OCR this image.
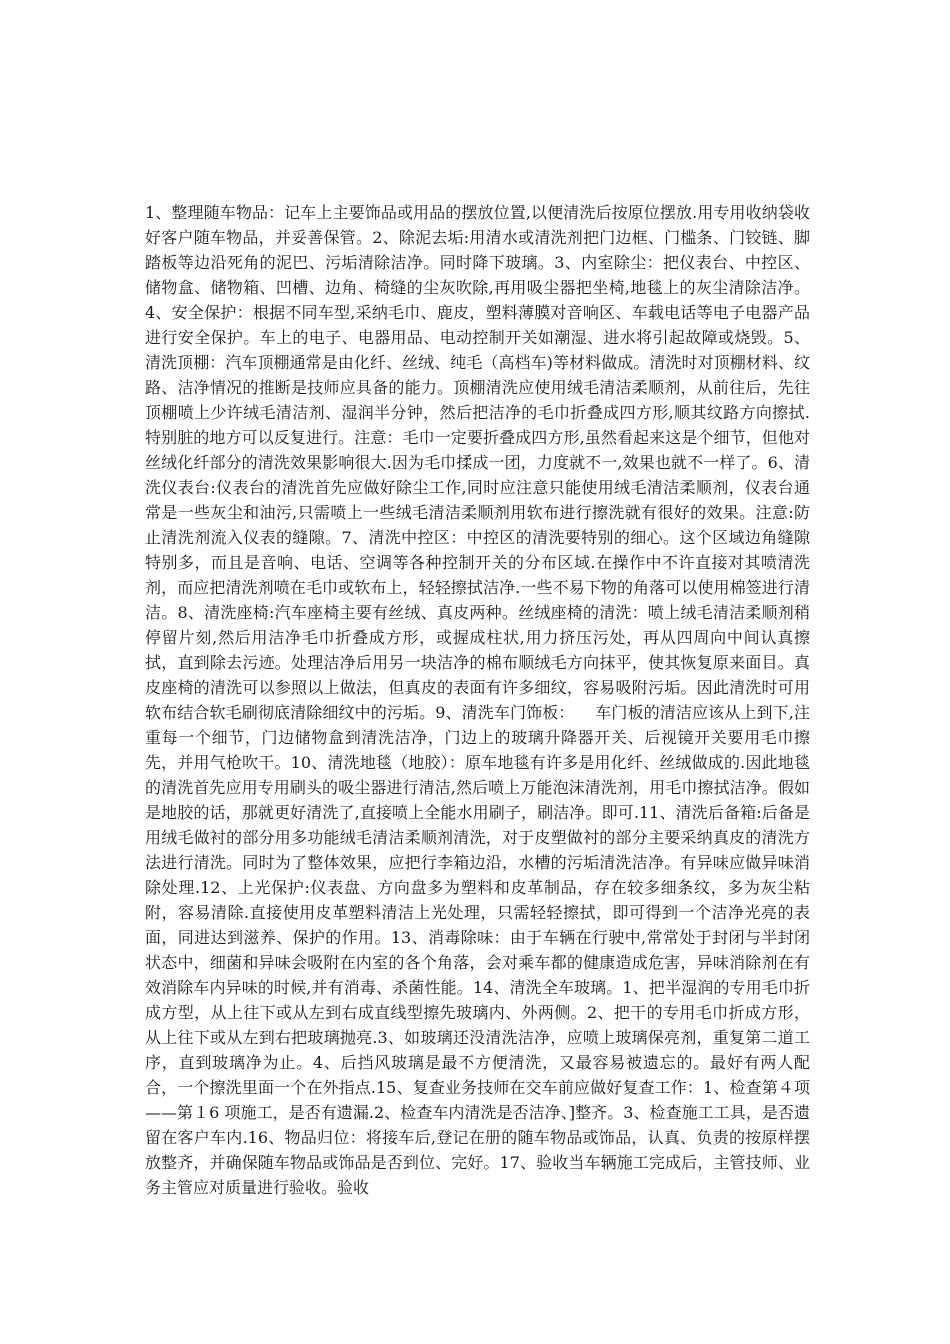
1、整理随车物品：记车上主要饰品或用品的摆放位置,以便清洗后按原位摆放.用专用收纳袋收好客户随车物品，并妥善保管。2、除泥去垢:用清水或清洗剂把门边框、门槛条、门铰链、脚踏板等边沿死角的泥巴、污垢清除洁净。同时降下玻璃。3、内室除尘：把仪表台、中控区、储物盒、储物箱、凹槽、边角、椅缝的尘灰吹除,再用吸尘器把坐椅,地毯上的灰尘清除洁净。4、安全保护：根据不同车型,采纳毛巾、鹿皮，塑料薄膜对音响区、车载电话等电子电器产品进行安全保护。车上的电子、电器用品、电动控制开关如潮湿、进水将引起故障或烧毁。5、清洗顶棚：汽车顶棚通常是由化纤、丝绒、纯毛（高档车)等材料做成。清洗时对顶棚材料、纹路、洁净情况的推断是技师应具备的能力。顶棚清洗应使用绒毛清洁柔顺剂，从前往后，先往顶棚喷上少许绒毛清洁剂、湿润半分钟，然后把洁净的毛巾折叠成四方形,顺其纹路方向擦拭.特别脏的地方可以反复进行。注意：毛巾一定要折叠成四方形,虽然看起来这是个细节，但他对丝绒化纤部分的清洗效果影响很大.因为毛巾揉成一团，力度就不一,效果也就不一样了。6、清洗仪表台:仪表台的清洗首先应做好除尘工作,同时应注意只能使用绒毛清洁柔顺剂，仪表台通常是一些灰尘和油污,只需喷上一些绒毛清洁柔顺剂用软布进行擦洗就有很好的效果。注意:防止清洗剂流入仪表的缝隙。7、清洗中控区：中控区的清洗要特别的细心。这个区域边角缝隙特别多，而且是音响、电话、空调等各种控制开关的分布区域.在操作中不许直接对其喷清洗剂，而应把清洗剂喷在毛巾或软布上，轻轻擦拭洁净.一些不易下物的角落可以使用棉签进行清洁。8、清洗座椅:汽车座椅主要有丝绒、真皮两种。丝绒座椅的清洗：喷上绒毛清洁柔顺剂稍停留片刻,然后用洁净毛巾折叠成方形，或握成柱状,用力挤压污处，再从四周向中间认真擦拭，直到除去污迹。处理洁净后用另一块洁净的棉布顺绒毛方向抹平，使其恢复原来面目。真皮座椅的清洗可以参照以上做法，但真皮的表面有许多细纹，容易吸附污垢。因此清洗时可用软布结合软毛刷彻底清除细纹中的污垢。9、清洗车门饰板：    车门板的清洁应该从上到下,注重每一个细节，门边储物盒到清洗洁净，门边上的玻璃升降器开关、后视镜开关要用毛巾擦先，并用气枪吹干。10、清洗地毯（地胶）：原车地毯有许多是用化纤、丝绒做成的.因此地毯的清洗首先应用专用刷头的吸尘器进行清洁,然后喷上万能泡沫清洗剂，用毛巾擦拭洁净。假如是地胶的话，那就更好清洗了,直接喷上全能水用刷子，刷洁净。即可.11、清洗后备箱:后备是用绒毛做衬的部分用多功能绒毛清洁柔顺剂清洗，对于皮塑做衬的部分主要采纳真皮的清洗方法进行清洗。同时为了整体效果，应把行李箱边沿，水槽的污垢清洗洁净。有异味应做异味消除处理.12、上光保护:仪表盘、方向盘多为塑料和皮革制品，存在较多细条纹，多为灰尘粘附，容易清除.直接使用皮革塑料清洁上光处理，只需轻轻擦拭，即可得到一个洁净光亮的表面，同进达到滋养、保护的作用。13、消毒除味：由于车辆在行驶中,常常处于封闭与半封闭状态中，细菌和异味会吸附在内室的各个角落，会对乘车都的健康造成危害，异味消除剂在有效消除车内异味的时候,并有消毒、杀菌性能。14、清洗全车玻璃。1、把半湿润的专用毛巾折成方型，从上往下或从左到右成直线型擦先玻璃内、外两侧。2、把干的专用毛巾折成方形，从上往下或从左到右把玻璃抛亮.3、如玻璃还没清洗洁净，应喷上玻璃保亮剂，重复第二道工序，直到玻璃净为止。4、后挡风玻璃是最不方便清洗，又最容易被遗忘的。最好有两人配合，一个擦洗里面一个在外指点.15、复查业务技师在交车前应做好复查工作：1、检查第４项——第１6 项施工，是否有遗漏.2、检查车内清洗是否洁净、]整齐。3、检查施工工具，是否遗留在客户车内.16、物品归位：将接车后,登记在册的随车物品或饰品，认真、负责的按原样摆放整齐，并确保随车物品或饰品是否到位、完好。17、验收当车辆施工完成后，主管技师、业务主管应对质量进行验收。验收
